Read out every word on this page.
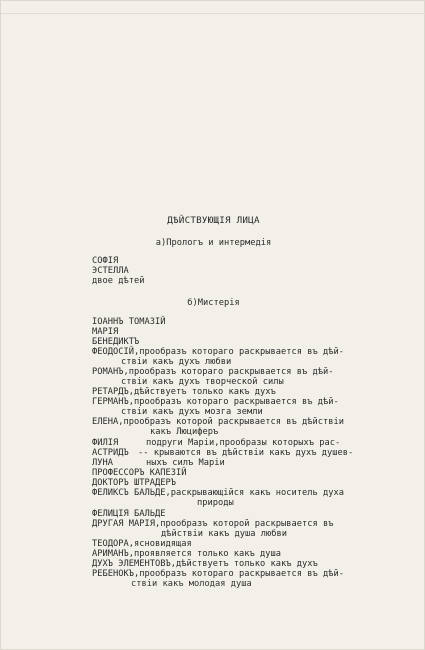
ДѢЙСТВУЮЩІЯ ЛИЦА
а)Прологъ и интермедія
СОФІЯ
ЭСТЕЛЛА
двое дѣтей
б)Мистерія
ІОАННЪ ТОМАЗІЙ
МАРІЯ
БЕНЕДИКТЪ
ФЕОДОСІЙ,прообразъ котораго раскрывается въ дѣй-
ствіи какъ духъ любви
РОМАНЪ,прообразъ котораго раскрывается въ дѣй-
ствіи какъ духъ творческой силы
РЕТАРДЪ,дѣйствуетъ только какъ духъ
ГЕРМАНЪ,прообразъ котораго раскрывается въ дѣй-
ствіи какъ духъ мозга земли
ЕЛЕНА,прообразъ которой раскрывается въ дѣйствіи
какъ Люциферъ
ФИЛІЯ	подруги Маріи,прообразы которыхъ рас-
АСТРИДЪ -- крываются въ дѣйствіи какъ духъ душев-
ЛУНА	ныхъ силъ Маріи
ПРОФЕССОРЪ КАПЕЗІЙ
ДОКТОРЪ ШТРАДЕРЪ
ФЕЛИКСЪ БАЛЬДЕ,раскрывающійся какъ носитель духа
природы
ФЕЛИЦІЯ БАЛЬДЕ
ДРУГАЯ МАРІЯ,прообразъ которой раскрывается въ
дѣйствіи какъ душа любви
ТЕОДОРА,ясновидящая
АРИМАНЪ,проявляется только какъ душа
ДУХЪ ЭЛЕМЕНТОВЪ,дѣйствуетъ только какъ духъ
РЕБЕНОКЪ,прообразъ котораго раскрывается въ дѣй-
ствіи какъ молодая душа
